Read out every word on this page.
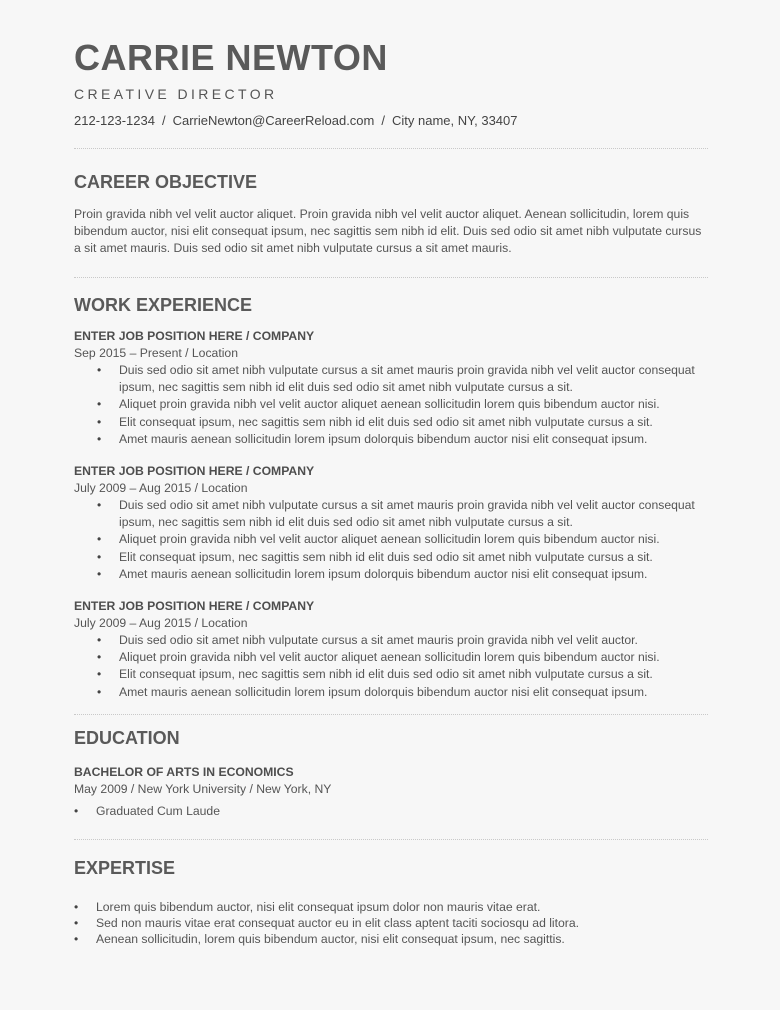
CARRIE NEWTON
CREATIVE DIRECTOR
212-123-1234 / CarrieNewton@CareerReload.com / City name, NY, 33407
CAREER OBJECTIVE
Proin gravida nibh vel velit auctor aliquet. Proin gravida nibh vel velit auctor aliquet. Aenean sollicitudin, lorem quis bibendum auctor, nisi elit consequat ipsum, nec sagittis sem nibh id elit. Duis sed odio sit amet nibh vulputate cursus a sit amet mauris. Duis sed odio sit amet nibh vulputate cursus a sit amet mauris.
WORK EXPERIENCE
ENTER JOB POSITION HERE / COMPANY
Sep 2015 – Present / Location
• Duis sed odio sit amet nibh vulputate cursus a sit amet mauris proin gravida nibh vel velit auctor consequat ipsum, nec sagittis sem nibh id elit duis sed odio sit amet nibh vulputate cursus a sit.
• Aliquet proin gravida nibh vel velit auctor aliquet aenean sollicitudin lorem quis bibendum auctor nisi.
• Elit consequat ipsum, nec sagittis sem nibh id elit duis sed odio sit amet nibh vulputate cursus a sit.
• Amet mauris aenean sollicitudin lorem ipsum dolorquis bibendum auctor nisi elit consequat ipsum.
ENTER JOB POSITION HERE / COMPANY
July 2009 – Aug 2015 / Location
• Duis sed odio sit amet nibh vulputate cursus a sit amet mauris proin gravida nibh vel velit auctor consequat ipsum, nec sagittis sem nibh id elit duis sed odio sit amet nibh vulputate cursus a sit.
• Aliquet proin gravida nibh vel velit auctor aliquet aenean sollicitudin lorem quis bibendum auctor nisi.
• Elit consequat ipsum, nec sagittis sem nibh id elit duis sed odio sit amet nibh vulputate cursus a sit.
• Amet mauris aenean sollicitudin lorem ipsum dolorquis bibendum auctor nisi elit consequat ipsum.
ENTER JOB POSITION HERE / COMPANY
July 2009 – Aug 2015 / Location
• Duis sed odio sit amet nibh vulputate cursus a sit amet mauris proin gravida nibh vel velit auctor.
• Aliquet proin gravida nibh vel velit auctor aliquet aenean sollicitudin lorem quis bibendum auctor nisi.
• Elit consequat ipsum, nec sagittis sem nibh id elit duis sed odio sit amet nibh vulputate cursus a sit.
• Amet mauris aenean sollicitudin lorem ipsum dolorquis bibendum auctor nisi elit consequat ipsum.
EDUCATION
BACHELOR OF ARTS IN ECONOMICS
May 2009 / New York University / New York, NY
• Graduated Cum Laude
EXPERTISE
• Lorem quis bibendum auctor, nisi elit consequat ipsum dolor non mauris vitae erat.
• Sed non mauris vitae erat consequat auctor eu in elit class aptent taciti sociosqu ad litora.
• Aenean sollicitudin, lorem quis bibendum auctor, nisi elit consequat ipsum, nec sagittis.
